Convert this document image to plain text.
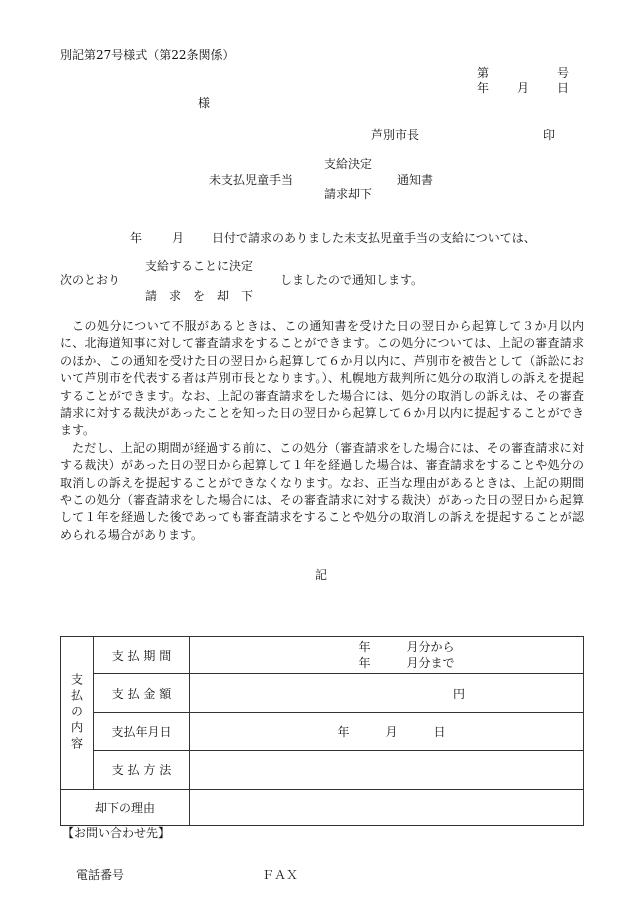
別記第27号様式（第22条関係）
第	号
年 月 日
様
芦別市長	印
支給決定
未支払児童手当	通知書
請求却下
年 月 日付で請求のありました未支払児童手当の支給については、
支給することに決定
次のとおり	しましたので通知します。
請　求　を　却　下

この処分について不服があるときは、この通知書を受けた日の翌日から起算して３か月以内に、北海道知事に対して審査請求をすることができます。この処分については、上記の審査請求のほか、この通知を受けた日の翌日から起算して６か月以内に、芦別市を被告として（訴訟において芦別市を代表する者は芦別市長となります。）、札幌地方裁判所に処分の取消しの訴えを提起することができます。なお、上記の審査請求をした場合には、処分の取消しの訴えは、その審査請求に対する裁決があったことを知った日の翌日から起算して６か月以内に提起することができます。

ただし、上記の期間が経過する前に、この処分（審査請求をした場合には、その審査請求に対する裁決）があった日の翌日から起算して１年を経過した場合は、審査請求をすることや処分の取消しの訴えを提起することができなくなります。なお、正当な理由があるときは、上記の期間やこの処分（審査請求をした場合には、その審査請求に対する裁決）があった日の翌日から起算して１年を経過した後であっても審査請求をすることや処分の取消しの訴えを提起することが認められる場合があります。

記
支払の内容	支 払 期 間	年　　　月分から
年　　　月分まで

	支 払 金 額	円
	支払年月日	年　　　月　　　日
	支 払 方 法	
却下の理由		
【お問い合わせ先】
電話番号	ＦＡＸ
